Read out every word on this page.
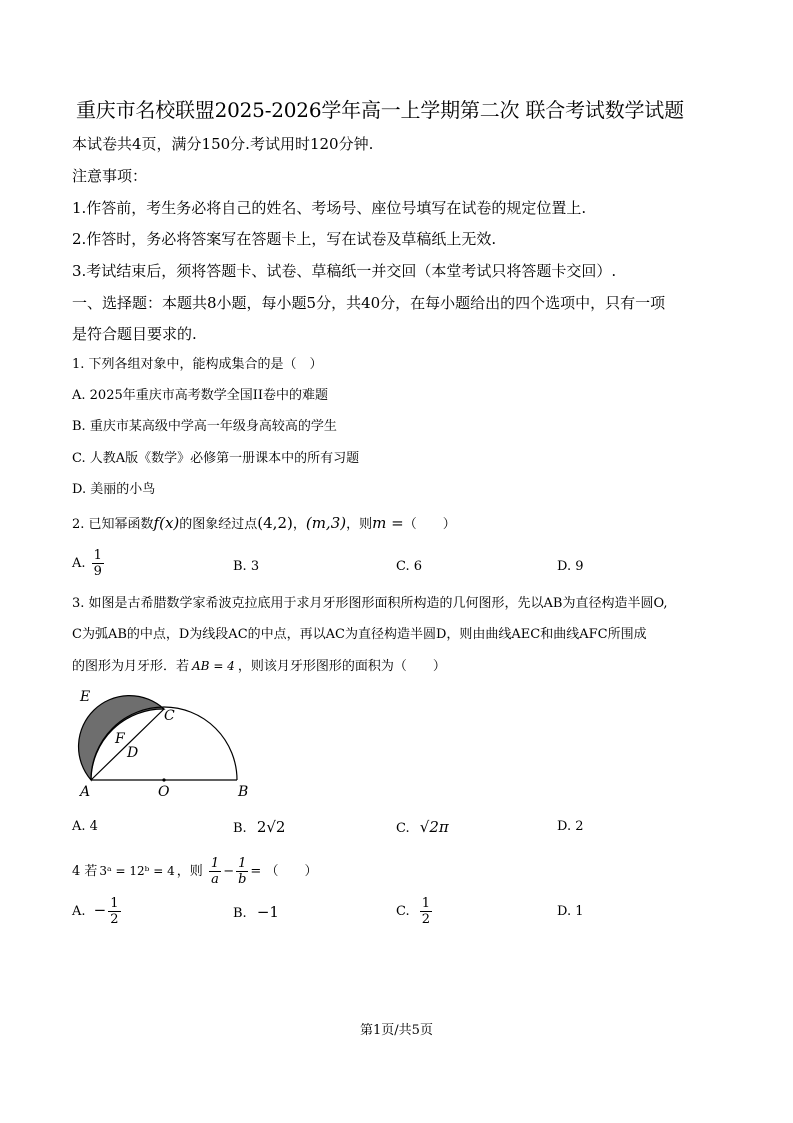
重庆市名校联盟2025-2026学年高一上学期第二次 联合考试数学试题
本试卷共4页，满分150分.考试用时120分钟.
注意事项：
1.作答前，考生务必将自己的姓名、考场号、座位号填写在试卷的规定位置上.
2.作答时，务必将答案写在答题卡上，写在试卷及草稿纸上无效.
3.考试结束后，须将答题卡、试卷、草稿纸一并交回（本堂考试只将答题卡交回）.
一、选择题：本题共8小题，每小题5分，共40分，在每小题给出的四个选项中，只有一项
是符合题目要求的.
1. 下列各组对象中，能构成集合的是（　）
A. 2025年重庆市高考数学全国II卷中的难题
B. 重庆市某高级中学高一年级身高较高的学生
C. 人教A版《数学》必修第一册课本中的所有习题
D. 美丽的小鸟
2. 已知幂函数f(x)的图象经过点(4,2)，(m,3)，则m =（　　）
A. $\frac{1}{9}$	B. 3	C. 6	D. 9
3. 如图是古希腊数学家希波克拉底用于求月牙形图形面积所构造的几何图形，先以AB为直径构造半圆O,
C为弧AB的中点，D为线段AC的中点，再以AC为直径构造半圆D，则由曲线AEC和曲线AFC所围成
的图形为月牙形．若 AB = 4 ，则该月牙形图形的面积为（　　）
E
C
F
D
A	O	B
A. 4	B. 2√2	C. √2π	D. 2
4 若 3ᵃ = 12ᵇ = 4 ，则 $\frac{1}{a} - \frac{1}{b}$ = （　　）
A. − $\frac{1}{2}$	B. −1	C. $\frac{1}{2}$	D. 1
第1页/共5页
